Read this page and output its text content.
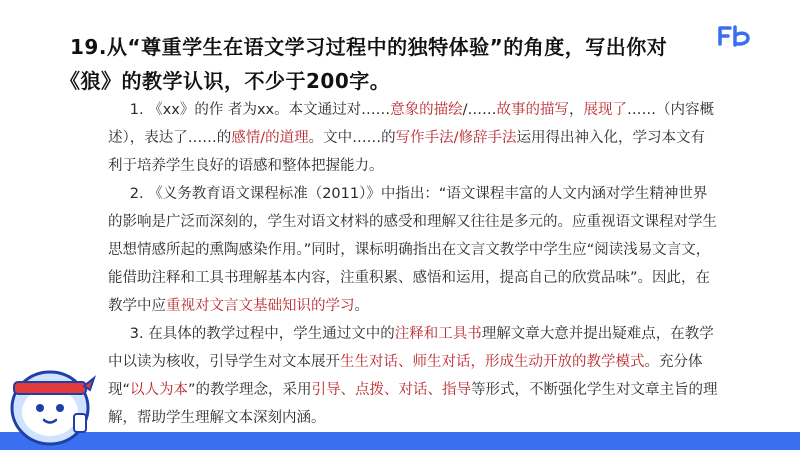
19.从“尊重学生在语文学习过程中的独特体验”的角度，写出你对

《狼》的教学认识，不少于200字。

1. 《xx》的作 者为xx。本文通过对……意象的描绘/……故事的描写，展现了……（内容概述），表达了……的感情/的道理。文中……的写作手法/修辞手法运用得出神入化，学习本文有利于培养学生良好的语感和整体把握能力。

2. 《义务教育语文课程标准（2011）》中指出：“语文课程丰富的人文内涵对学生精神世界的影响是广泛而深刻的，学生对语文材料的感受和理解又往往是多元的。应重视语文课程对学生思想情感所起的熏陶感染作用。”同时，课标明确指出在文言文教学中学生应“阅读浅易文言文，能借助注释和工具书理解基本内容，注重积累、感悟和运用，提高自己的欣赏品味”。因此，在教学中应重视对文言文基础知识的学习。

3. 在具体的教学过程中，学生通过文中的注释和工具书理解文章大意并提出疑难点，在教学中以读为核收，引导学生对文本展开生生对话、师生对话，形成生动开放的教学模式。充分体现“以人为本”的教学理念，采用引导、点拨、对话、指导等形式，不断强化学生对文章主旨的理解，帮助学生理解文本深刻内涵。
